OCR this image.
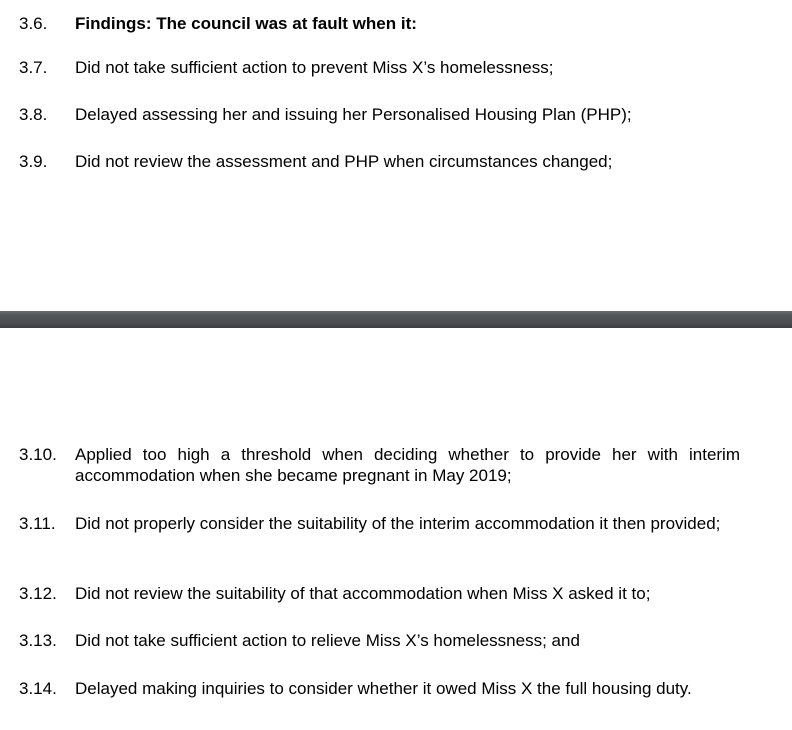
3.6. Findings: The council was at fault when it:
3.7. Did not take sufficient action to prevent Miss X’s homelessness;
3.8. Delayed assessing her and issuing her Personalised Housing Plan (PHP);
3.9. Did not review the assessment and PHP when circumstances changed;
3.10. Applied too high a threshold when deciding whether to provide her with interim accommodation when she became pregnant in May 2019;
3.11. Did not properly consider the suitability of the interim accommodation it then provided;
3.12. Did not review the suitability of that accommodation when Miss X asked it to;
3.13. Did not take sufficient action to relieve Miss X’s homelessness; and
3.14. Delayed making inquiries to consider whether it owed Miss X the full housing duty.
